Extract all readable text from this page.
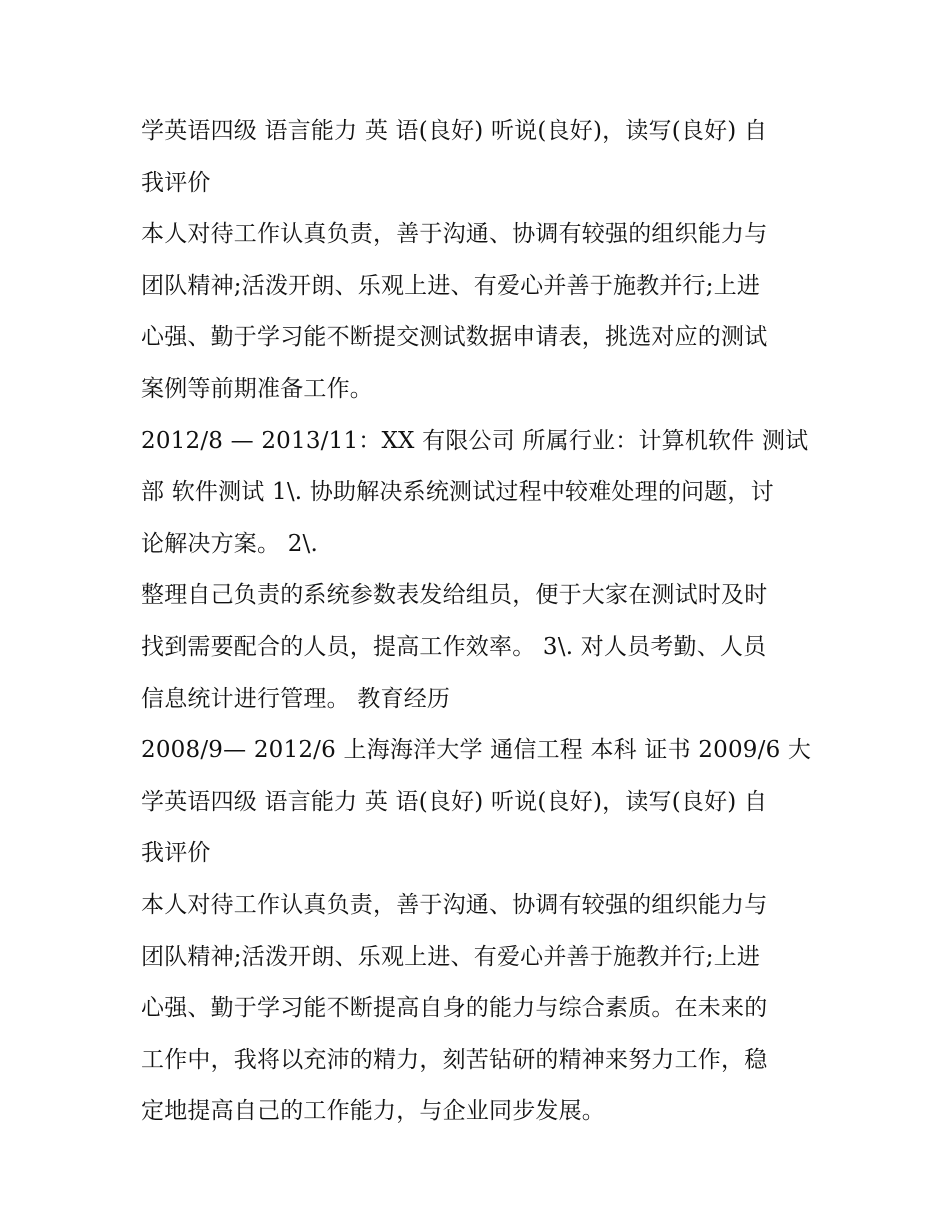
学英语四级 语言能力 英 语(良好) 听说(良好)，读写(良好) 自

我评价

本人对待工作认真负责，善于沟通、协调有较强的组织能力与

团队精神;活泼开朗、乐观上进、有爱心并善于施教并行;上进

心强、勤于学习能不断提交测试数据申请表，挑选对应的测试

案例等前期准备工作。

2012/8 — 2013/11：XX 有限公司 所属行业：计算机软件 测试

部 软件测试 1\. 协助解决系统测试过程中较难处理的问题，讨

论解决方案。 2\.

整理自己负责的系统参数表发给组员，便于大家在测试时及时

找到需要配合的人员，提高工作效率。 3\. 对人员考勤、人员

信息统计进行管理。 教育经历

2008/9— 2012/6 上海海洋大学 通信工程 本科 证书 2009/6 大

学英语四级 语言能力 英 语(良好) 听说(良好)，读写(良好) 自

我评价

本人对待工作认真负责，善于沟通、协调有较强的组织能力与

团队精神;活泼开朗、乐观上进、有爱心并善于施教并行;上进

心强、勤于学习能不断提高自身的能力与综合素质。在未来的

工作中，我将以充沛的精力，刻苦钻研的精神来努力工作，稳

定地提高自己的工作能力，与企业同步发展。
